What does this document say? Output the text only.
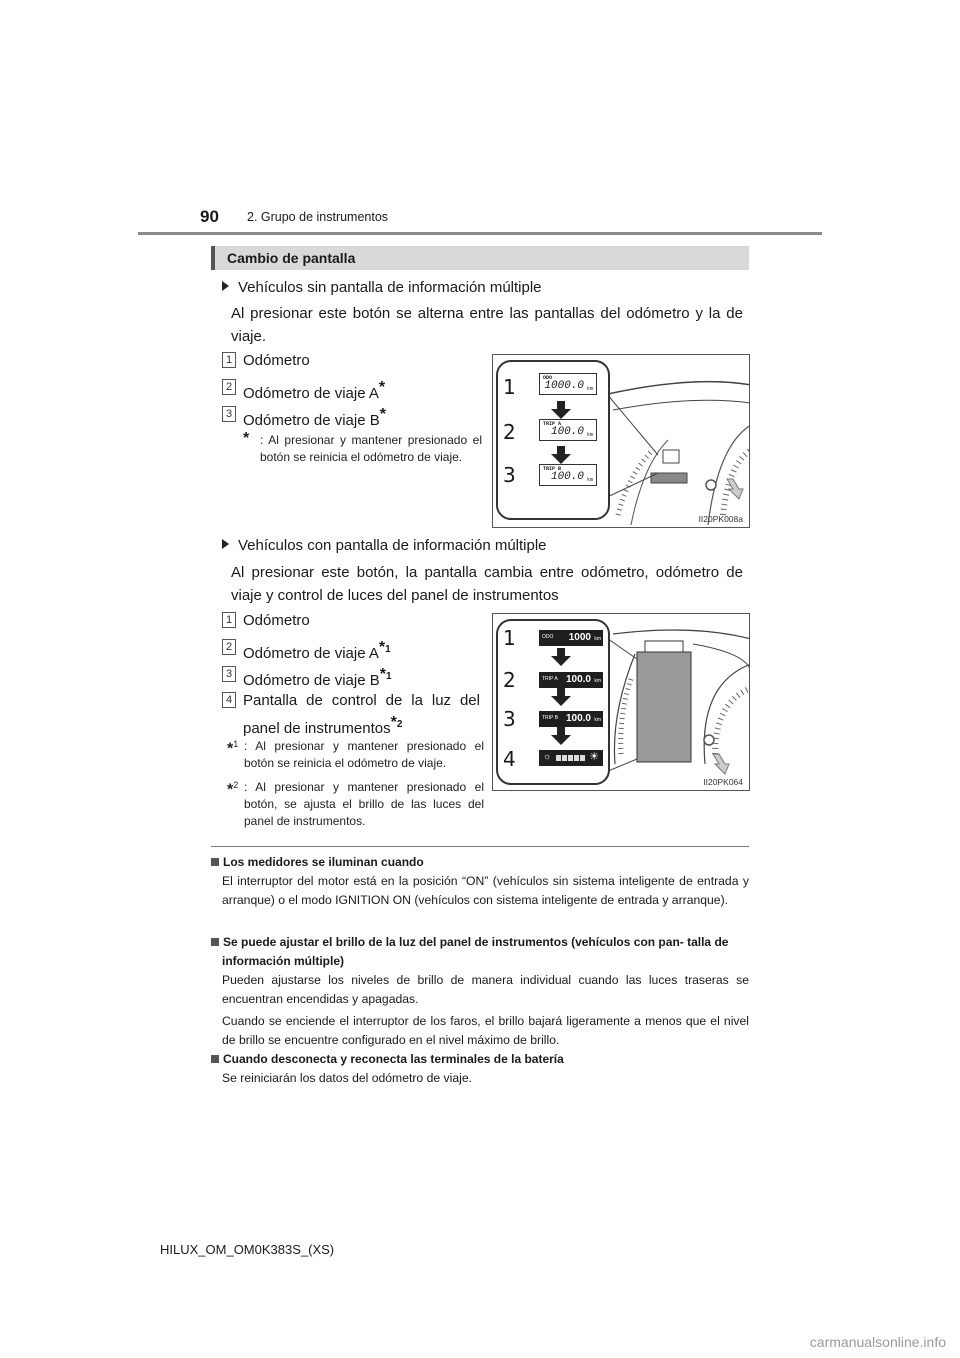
90 2. Grupo de instrumentos
Cambio de pantalla
Vehículos sin pantalla de información múltiple
Al presionar este botón se alterna entre las pantallas del odómetro y la de viaje.
1 Odómetro
2 Odómetro de viaje A*
3 Odómetro de viaje B*
* : Al presionar y mantener presionado el botón se reinicia el odómetro de viaje.
ODO
1000.0 km
TRIP A
100.0 km
TRIP B
100.0 km
1
2
3
II20PK008a
Vehículos con pantalla de información múltiple
Al presionar este botón, la pantalla cambia entre odómetro, odómetro de
viaje y control de luces del panel de instrumentos
1 Odómetro
2 Odómetro de viaje $A^{*1}$
3 Odómetro de viaje $B^{*1}$
4 Pantalla de control de la luz del
panel de instrumentos$^{*2}$
*$^1$ : Al presionar y mantener presionado el botón se reinicia el odómetro de viaje.
*$^2$ : Al presionar y mantener presionado el botón, se ajusta el brillo de las luces del panel de instrumentos.
ODO 1000 km
TRIP A 100.0 km
TRIP B 100.0 km
☼	☀
1
2
3
4
II20PK064
Los medidores se iluminan cuando

El interruptor del motor está en la posición “ON” (vehículos sin sistema inteligente de entrada y arranque) o el modo IGNITION ON (vehículos con sistema inteligente de entrada y arranque).

Se puede ajustar el brillo de la luz del panel de instrumentos (vehículos con pan- talla de información múltiple)

Pueden ajustarse los niveles de brillo de manera individual cuando las luces traseras se encuentran encendidas y apagadas.

Cuando se enciende el interruptor de los faros, el brillo bajará ligeramente a menos que el nivel de brillo se encuentre configurado en el nivel máximo de brillo.

Cuando desconecta y reconecta las terminales de la batería

Se reiniciarán los datos del odómetro de viaje.

HILUX_OM_OM0K383S_(XS)
carmanualsonline.info
